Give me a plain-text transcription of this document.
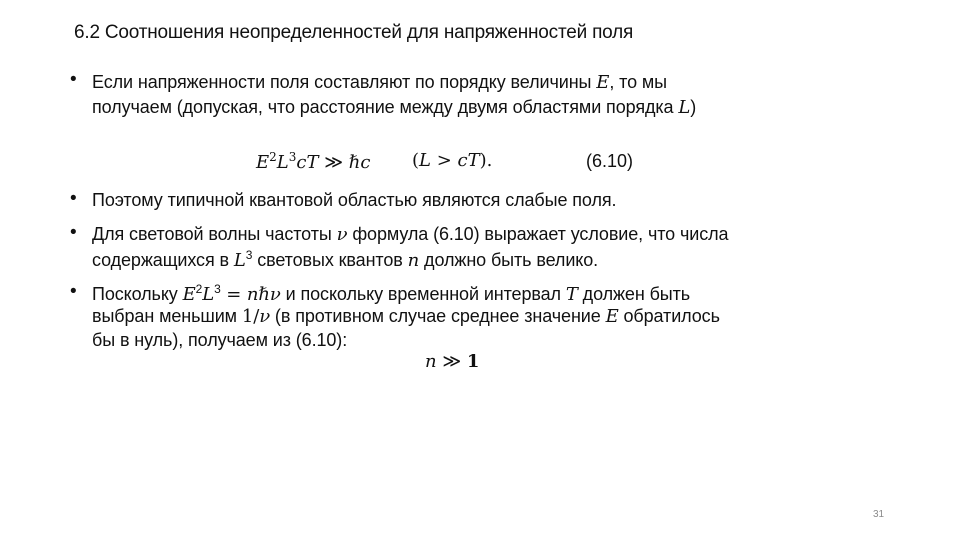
6.2 Соотношения неопределенностей для напряженностей поля
• Если напряженности поля составляют по порядку величины E, то мы
получаем (допуская, что расстояние между двумя областями порядка L)
$E^2L^3cT$ ≫ ℏc (L > cT).	(6.10)
• Поэтому типичной квантовой областью являются слабые поля.
• Для световой волны частоты ν формула (6.10) выражает условие, что числа
содержащихся в $L^3$ световых квантов n должно быть велико.
• Поскольку $E^2L^3$ = nℏν и поскольку временной интервал T должен быть
выбран меньшим 1/ν (в противном случае среднее значение E обратилось
бы в нуль), получаем из (6.10):
n ≫ 1
31
